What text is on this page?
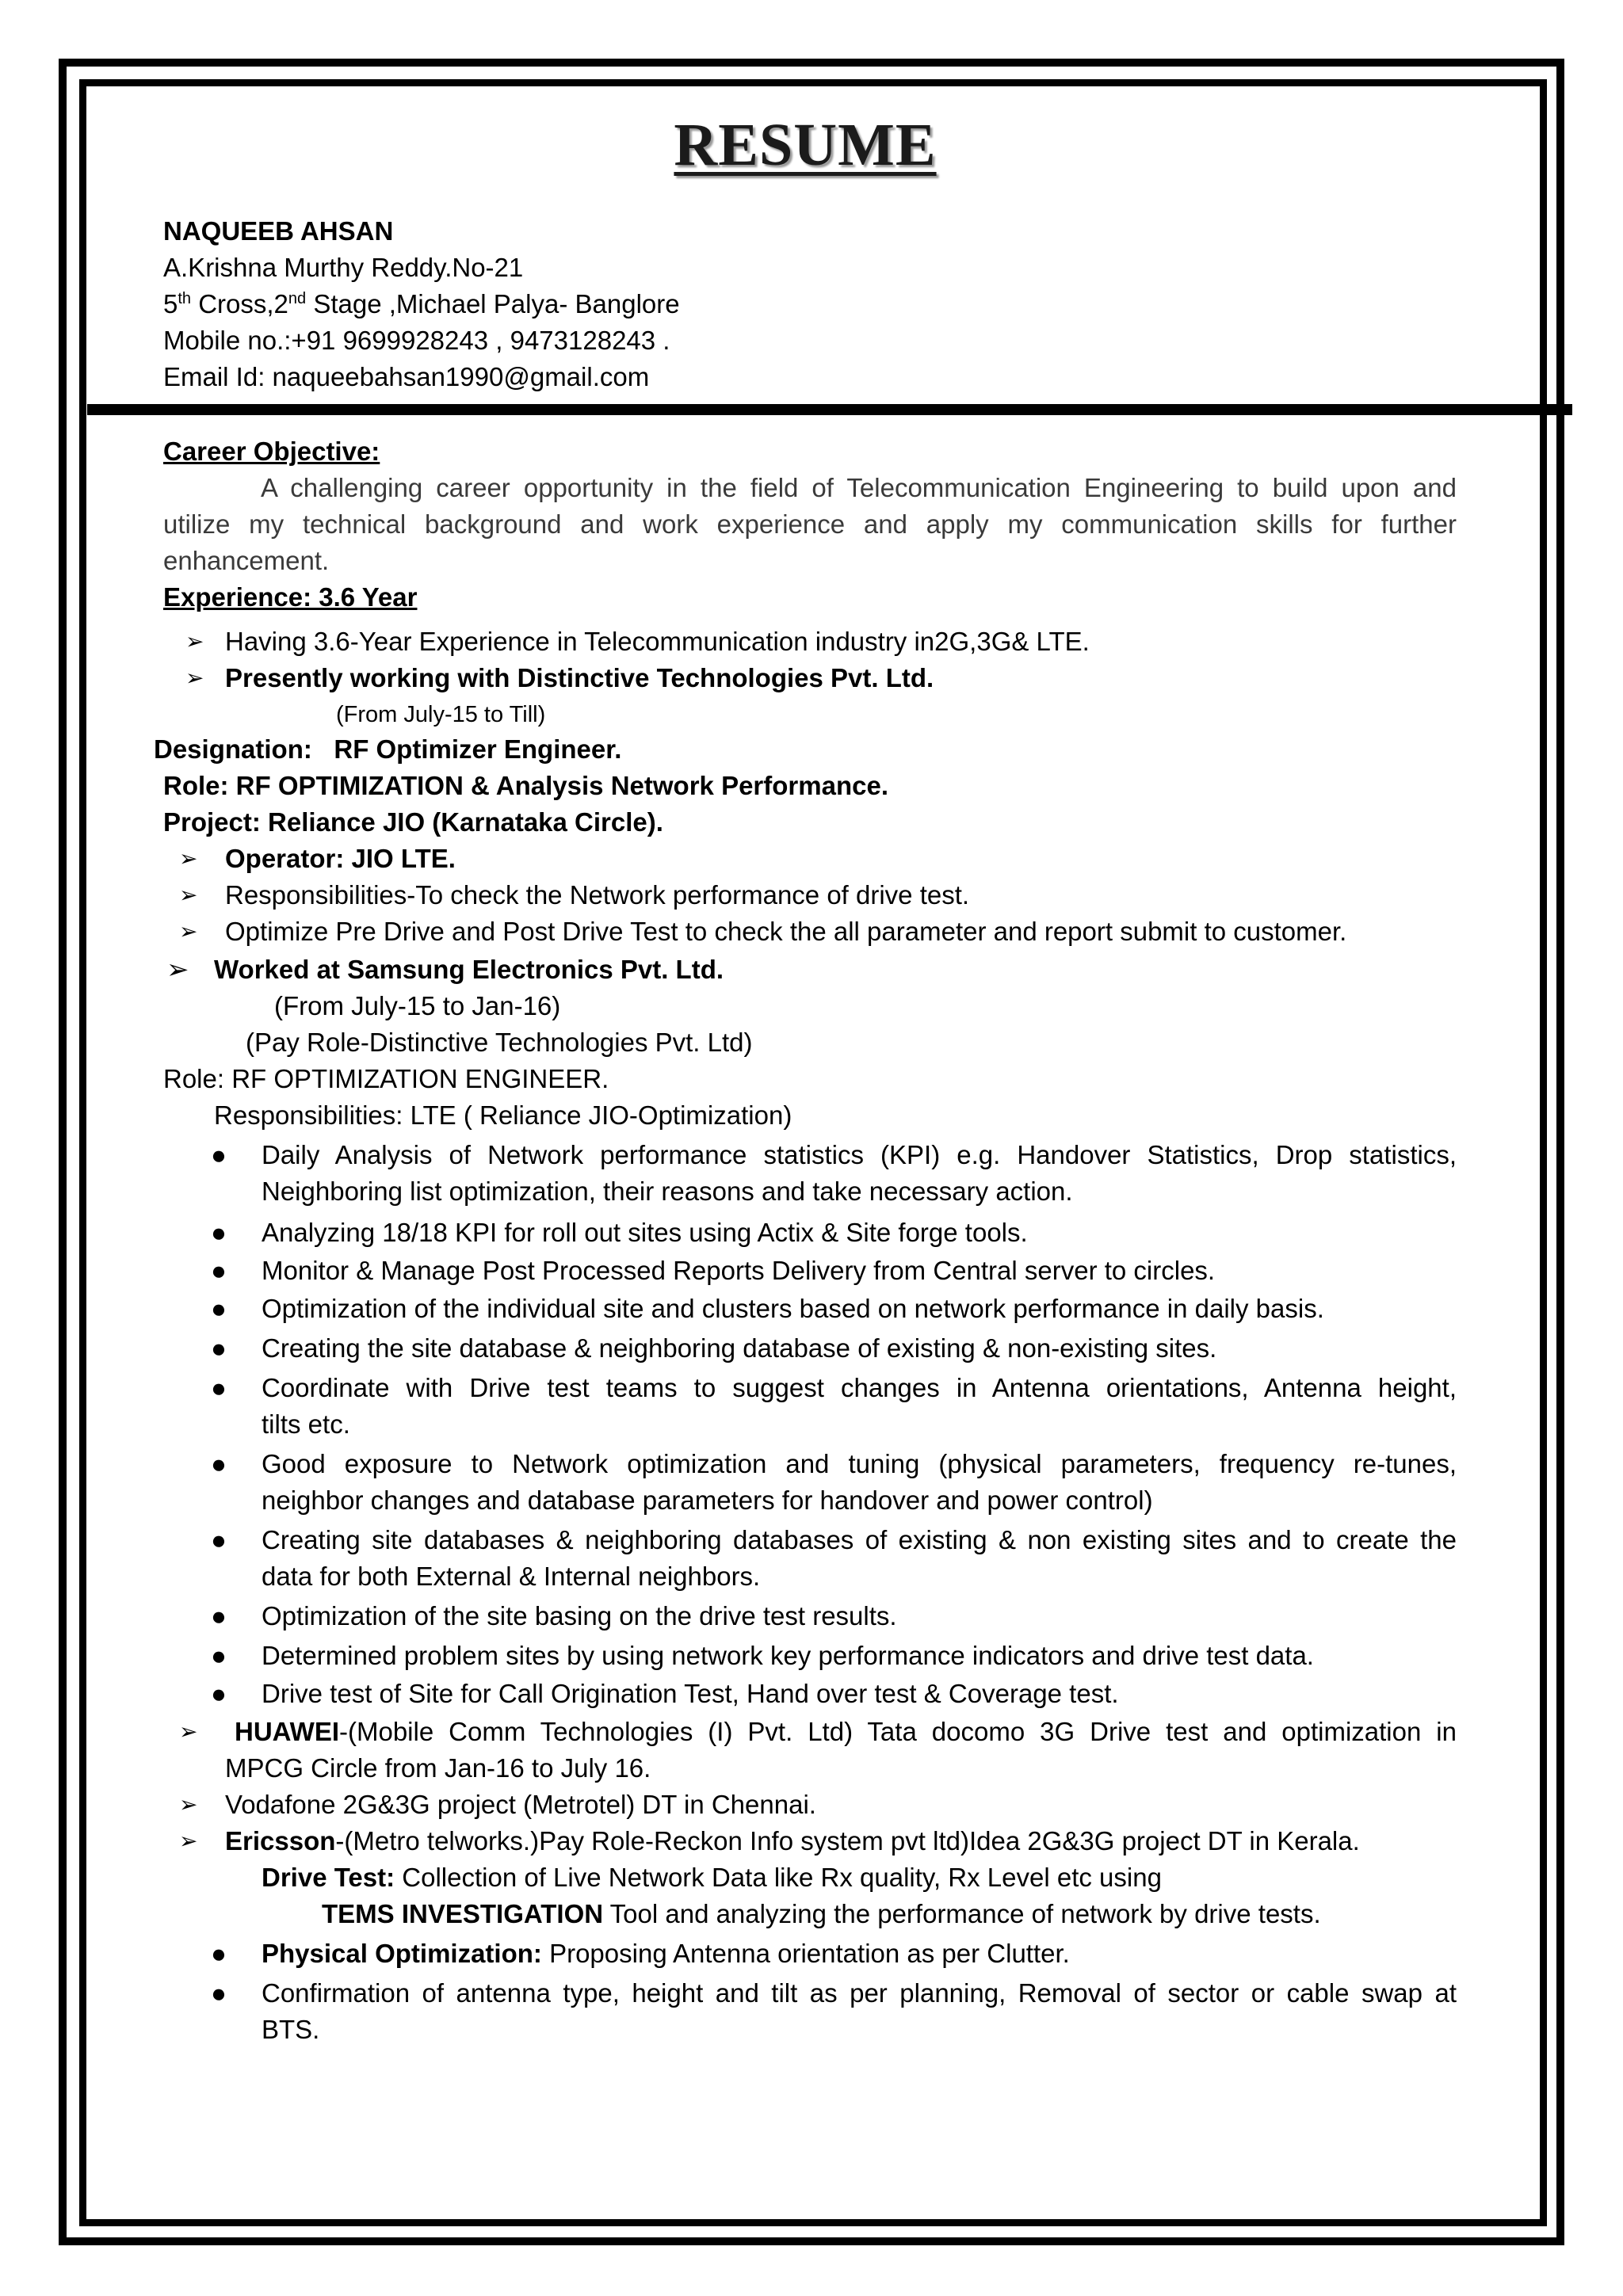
RESUME
NAQUEEB AHSAN
A.Krishna Murthy Reddy.No-21
5th Cross,2nd Stage ,Michael Palya- Banglore
Mobile no.:+91 9699928243 , 9473128243 .
Email Id: naqueebahsan1990@gmail.com
Career Objective:
A challenging career opportunity in the field of Telecommunication Engineering to build upon and
utilize my technical background and work experience and apply my communication skills for further
enhancement.
Experience: 3.6 Year
➢ Having 3.6-Year Experience in Telecommunication industry in2G,3G& LTE.
➢ Presently working with Distinctive Technologies Pvt. Ltd.
(From July-15 to Till)
Designation: RF Optimizer Engineer.
Role: RF OPTIMIZATION & Analysis Network Performance.
Project: Reliance JIO (Karnataka Circle).
➢ Operator: JIO LTE.
➢ Responsibilities-To check the Network performance of drive test.
➢ Optimize Pre Drive and Post Drive Test to check the all parameter and report submit to customer.
➢ Worked at Samsung Electronics Pvt. Ltd.
(From July-15 to Jan-16)
(Pay Role-Distinctive Technologies Pvt. Ltd)
Role: RF OPTIMIZATION ENGINEER.
Responsibilities: LTE ( Reliance JIO-Optimization)
● Daily Analysis of Network performance statistics (KPI) e.g. Handover Statistics, Drop statistics,
Neighboring list optimization, their reasons and take necessary action.
● Analyzing 18/18 KPI for roll out sites using Actix & Site forge tools.
● Monitor & Manage Post Processed Reports Delivery from Central server to circles.
● Optimization of the individual site and clusters based on network performance in daily basis.
● Creating the site database & neighboring database of existing & non-existing sites.
● Coordinate with Drive test teams to suggest changes in Antenna orientations, Antenna height,
tilts etc.
● Good exposure to Network optimization and tuning (physical parameters, frequency re-tunes,
neighbor changes and database parameters for handover and power control)
● Creating site databases & neighboring databases of existing & non existing sites and to create the
data for both External & Internal neighbors.
● Optimization of the site basing on the drive test results.
● Determined problem sites by using network key performance indicators and drive test data.
● Drive test of Site for Call Origination Test, Hand over test & Coverage test.
➢	HUAWEI-(Mobile Comm Technologies (I) Pvt. Ltd) Tata docomo 3G Drive test and optimization in
MPCG Circle from Jan-16 to July 16.
➢ Vodafone 2G&3G project (Metrotel) DT in Chennai.
➢ Ericsson-(Metro telworks.)Pay Role-Reckon Info system pvt ltd)Idea 2G&3G project DT in Kerala.
Drive Test: Collection of Live Network Data like Rx quality, Rx Level etc using
TEMS INVESTIGATION Tool and analyzing the performance of network by drive tests.
● Physical Optimization: Proposing Antenna orientation as per Clutter.
● Confirmation of antenna type, height and tilt as per planning, Removal of sector or cable swap at
BTS.
